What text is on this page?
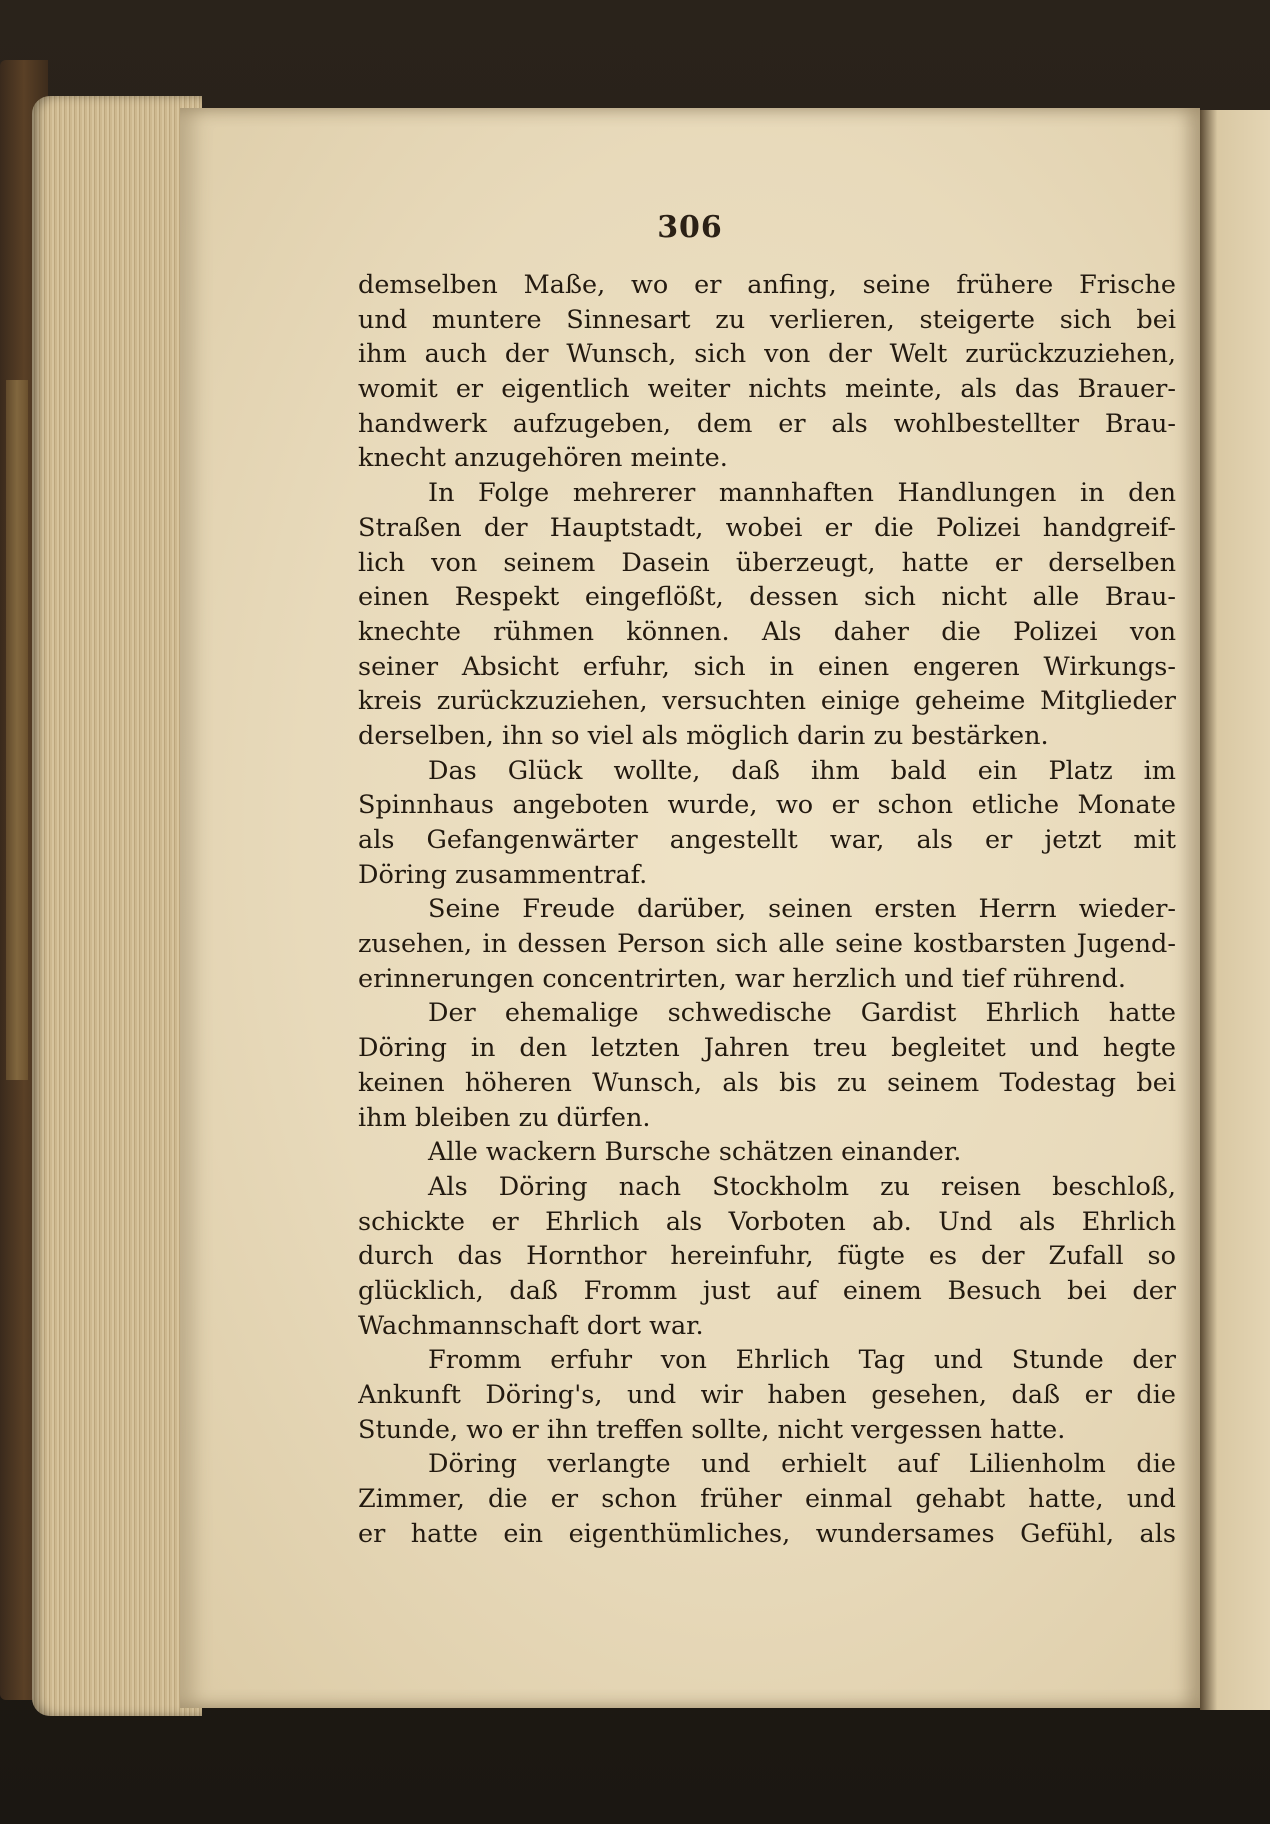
306
demselben Maße, wo er anfing, seine frühere Frische
und muntere Sinnesart zu verlieren, steigerte sich bei
ihm auch der Wunsch, sich von der Welt zurückzuziehen,
womit er eigentlich weiter nichts meinte, als das Brauer-
handwerk aufzugeben, dem er als wohlbestellter Brau-
knecht anzugehören meinte.
In Folge mehrerer mannhaften Handlungen in den
Straßen der Hauptstadt, wobei er die Polizei handgreif-
lich von seinem Dasein überzeugt, hatte er derselben
einen Respekt eingeflößt, dessen sich nicht alle Brau-
knechte rühmen können. Als daher die Polizei von
seiner Absicht erfuhr, sich in einen engeren Wirkungs-
kreis zurückzuziehen, versuchten einige geheime Mitglieder
derselben, ihn so viel als möglich darin zu bestärken.
Das Glück wollte, daß ihm bald ein Platz im
Spinnhaus angeboten wurde, wo er schon etliche Monate
als Gefangenwärter angestellt war, als er jetzt mit
Döring zusammentraf.
Seine Freude darüber, seinen ersten Herrn wieder-
zusehen, in dessen Person sich alle seine kostbarsten Jugend-
erinnerungen concentrirten, war herzlich und tief rührend.
Der ehemalige schwedische Gardist Ehrlich hatte
Döring in den letzten Jahren treu begleitet und hegte
keinen höheren Wunsch, als bis zu seinem Todestag bei
ihm bleiben zu dürfen.
Alle wackern Bursche schätzen einander.
Als Döring nach Stockholm zu reisen beschloß,
schickte er Ehrlich als Vorboten ab. Und als Ehrlich
durch das Hornthor hereinfuhr, fügte es der Zufall so
glücklich, daß Fromm just auf einem Besuch bei der
Wachmannschaft dort war.
Fromm erfuhr von Ehrlich Tag und Stunde der
Ankunft Döring's, und wir haben gesehen, daß er die
Stunde, wo er ihn treffen sollte, nicht vergessen hatte.
Döring verlangte und erhielt auf Lilienholm die
Zimmer, die er schon früher einmal gehabt hatte, und
er hatte ein eigenthümliches, wundersames Gefühl, als
